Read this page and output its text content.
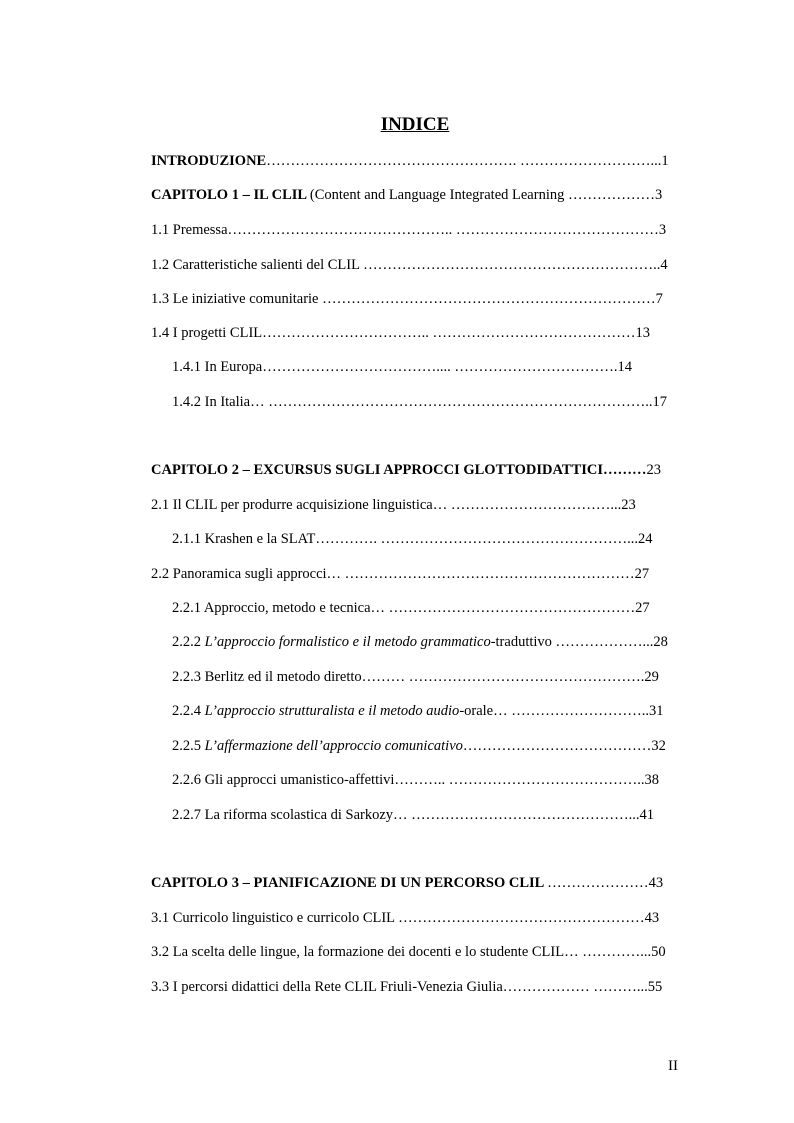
INDICE
INTRODUZIONE……………………………………………. ………………………...1
CAPITOLO 1 – IL CLIL (Content and Language Integrated Learning ………………3
1.1 Premessa……………………………………….. ……………………………………3
1.2 Caratteristiche salienti del CLIL ……………………………………………………..4
1.3 Le iniziative comunitarie ……………………………………………………………7
1.4 I progetti CLIL…………………………….. ……………………………………13
1.4.1 In Europa……………………………….... …………………………….14
1.4.2 In Italia… ……………………………………………………………………..17
CAPITOLO 2 – EXCURSUS SUGLI APPROCCI GLOTTODIDATTICI………23
2.1 Il CLIL per produrre acquisizione linguistica… ……………………………...23
2.1.1 Krashen e la SLAT…………. ……………………………………………...24
2.2 Panoramica sugli approcci… ……………………………………………………27
2.2.1 Approccio, metodo e tecnica… ……………………………………………27
2.2.2 L’approccio formalistico e il metodo grammatico-traduttivo ………………...28
2.2.3 Berlitz ed il metodo diretto……… ………………………………………….29
2.2.4 L’approccio strutturalista e il metodo audio-orale… ………………………..31
2.2.5 L’affermazione dell’approccio comunicativo…………………………………32
2.2.6 Gli approcci umanistico-affettivi……….. …………………………………..38
2.2.7 La riforma scolastica di Sarkozy… ………………………………………...41
CAPITOLO 3 – PIANIFICAZIONE DI UN PERCORSO CLIL …………………43
3.1 Curricolo linguistico e curricolo CLIL ……………………………………………43
3.2 La scelta delle lingue, la formazione dei docenti e lo studente CLIL… …………...50
3.3 I percorsi didattici della Rete CLIL Friuli-Venezia Giulia……………… ………...55
II
